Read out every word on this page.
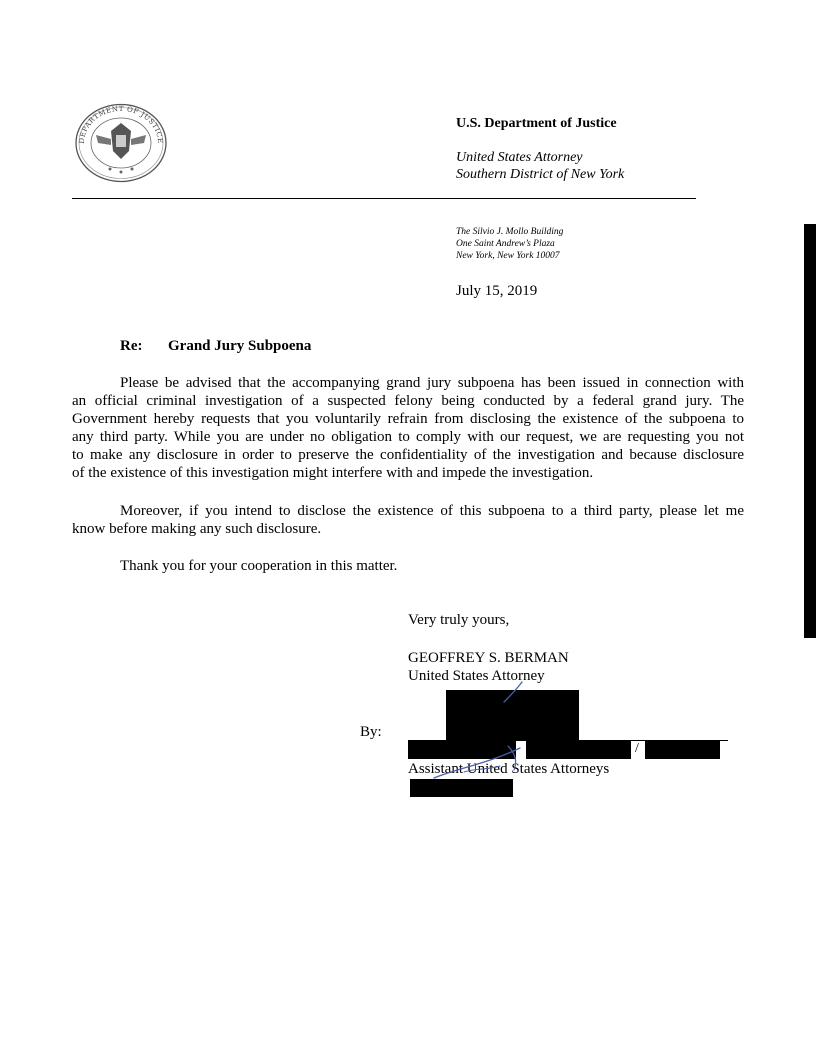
DEPARTMENT OF JUSTICE
U.S. Department of Justice
United States Attorney
Southern District of New York
The Silvio J. Mollo Building
One Saint Andrew’s Plaza
New York, New York 10007
July 15, 2019
Re: Grand Jury Subpoena
Please be advised that the accompanying grand jury subpoena has been issued in connection with
an official criminal investigation of a suspected felony being conducted by a federal grand jury. The
Government hereby requests that you voluntarily refrain from disclosing the existence of the subpoena to
any third party. While you are under no obligation to comply with our request, we are requesting you not
to make any disclosure in order to preserve the confidentiality of the investigation and because disclosure
of the existence of this investigation might interfere with and impede the investigation.
Moreover, if you intend to disclose the existence of this subpoena to a third party, please let me
know before making any such disclosure.
Thank you for your cooperation in this matter.
Very truly yours,
GEOFFREY S. BERMAN
United States Attorney
By:
/
Assistant United States Attorneys
